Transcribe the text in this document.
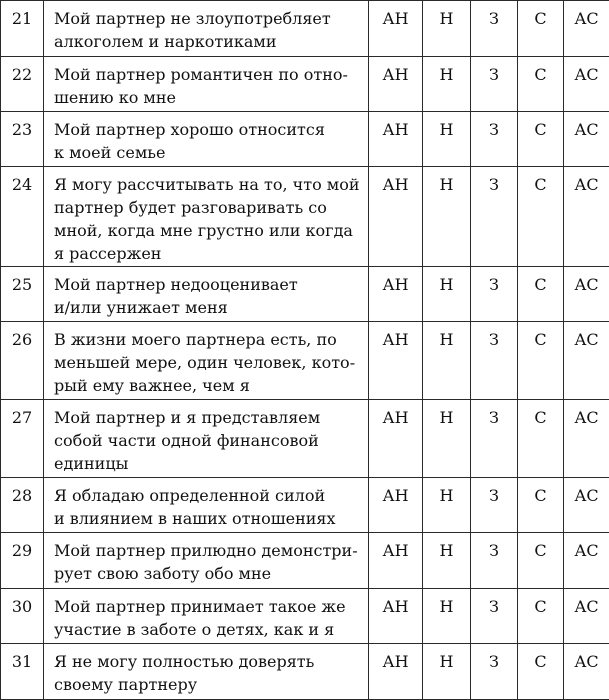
21	Мой партнер не злоупотребляет
алкоголем и наркотиками	АН	Н	З	С	АС
22	Мой партнер романтичен по отно-
шению ко мне	АН	Н	З	С	АС
23	Мой партнер хорошо относится
к моей семье	АН	Н	З	С	АС
24	Я могу рассчитывать на то, что мой
партнер будет разговаривать со
мной, когда мне грустно или когда
я рассержен	АН	Н	З	С	АС
25	Мой партнер недооценивает
и/или унижает меня	АН	Н	З	С	АС
26	В жизни моего партнера есть, по
меньшей мере, один человек, кото-
рый ему важнее, чем я	АН	Н	З	С	АС
27	Мой партнер и я представляем
собой части одной финансовой
единицы	АН	Н	З	С	АС
28	Я обладаю определенной силой
и влиянием в наших отношениях	АН	Н	З	С	АС
29	Мой партнер прилюдно демонстри-
рует свою заботу обо мне	АН	Н	З	С	АС
30	Мой партнер принимает такое же
участие в заботе о детях, как и я	АН	Н	З	С	АС
31	Я не могу полностью доверять
своему партнеру	АН	Н	З	С	АС
